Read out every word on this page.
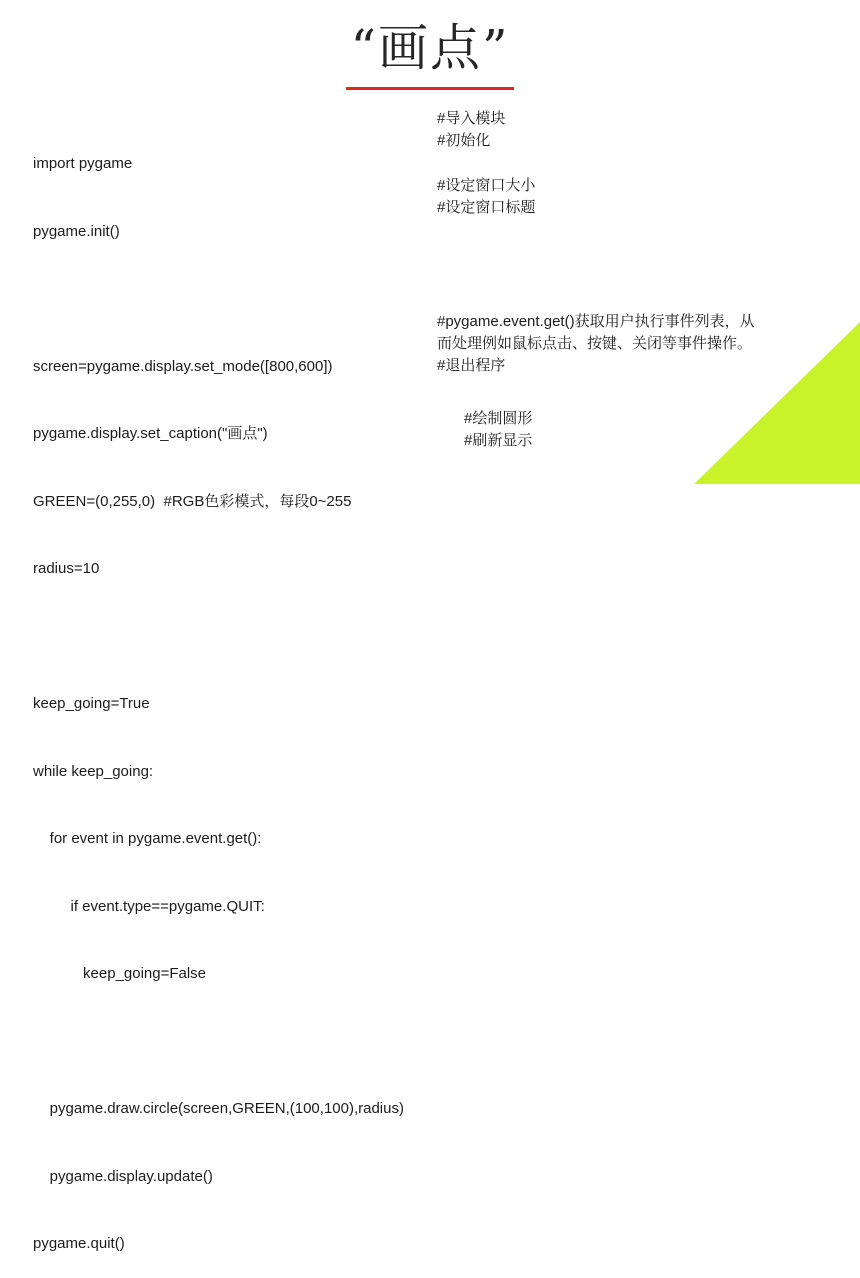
“画点”

import pygame

pygame.init()

screen=pygame.display.set_mode([800,600])

pygame.display.set_caption("画点")

GREEN=(0,255,0)  #RGB色彩模式，每段0~255

radius=10

keep_going=True

while keep_going:

for event in pygame.event.get():

if event.type==pygame.QUIT:

keep_going=False

pygame.draw.circle(screen,GREEN,(100,100),radius)

pygame.display.update()

pygame.quit()

#导入模块
#初始化
#设定窗口大小
#设定窗口标题
#pygame.event.get()获取用户执行事件列表，从
而处理例如鼠标点击、按键、关闭等事件操作。
#退出程序
#绘制圆形
#刷新显示
